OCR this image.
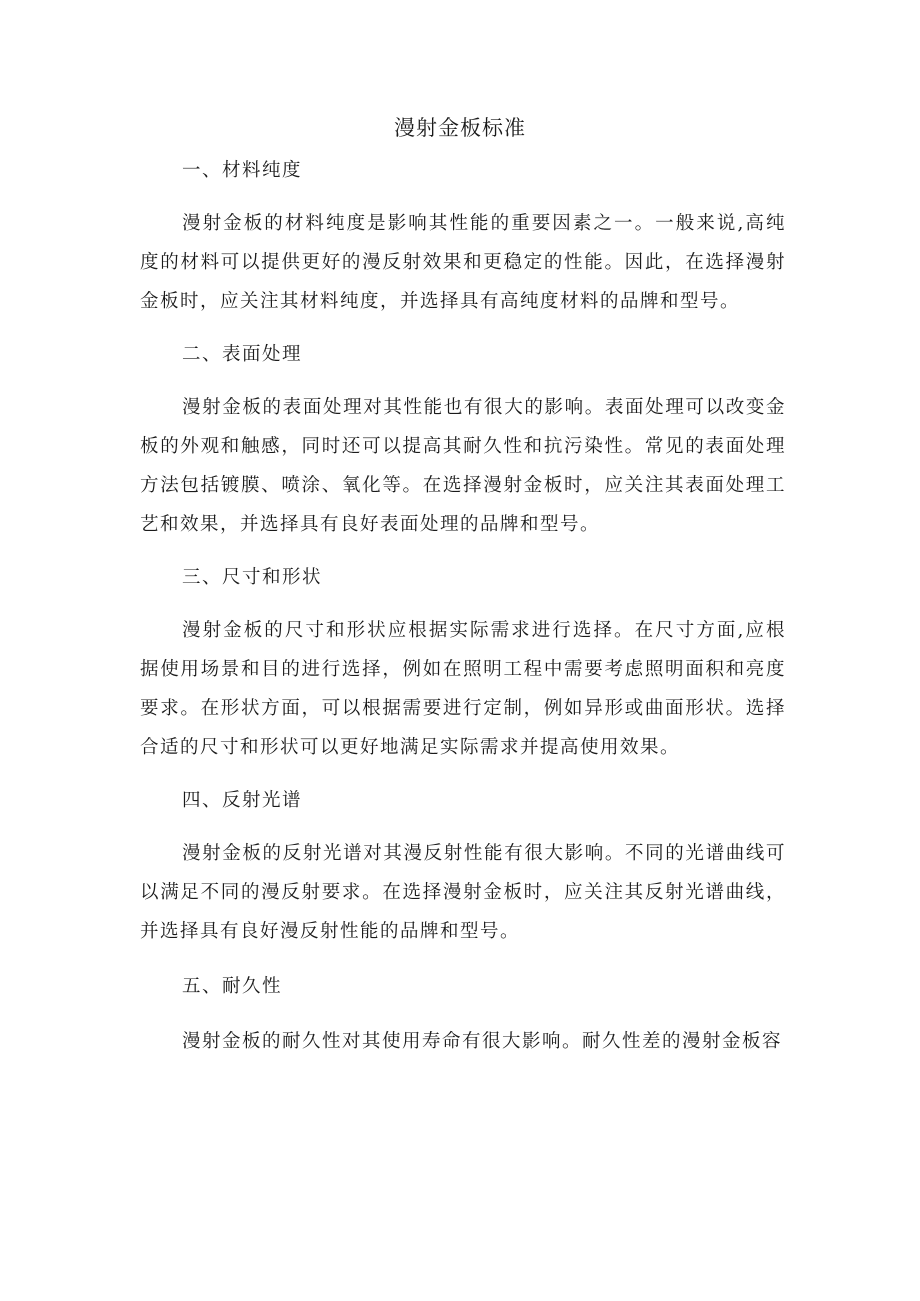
漫射金板标准
一、材料纯度

漫射金板的材料纯度是影响其性能的重要因素之一。一般来说,高纯度的材料可以提供更好的漫反射效果和更稳定的性能。因此，在选择漫射金板时，应关注其材料纯度，并选择具有高纯度材料的品牌和型号。

二、表面处理

漫射金板的表面处理对其性能也有很大的影响。表面处理可以改变金板的外观和触感，同时还可以提高其耐久性和抗污染性。常见的表面处理方法包括镀膜、喷涂、氧化等。在选择漫射金板时，应关注其表面处理工艺和效果，并选择具有良好表面处理的品牌和型号。

三、尺寸和形状

漫射金板的尺寸和形状应根据实际需求进行选择。在尺寸方面,应根据使用场景和目的进行选择，例如在照明工程中需要考虑照明面积和亮度要求。在形状方面，可以根据需要进行定制，例如异形或曲面形状。选择合适的尺寸和形状可以更好地满足实际需求并提高使用效果。

四、反射光谱

漫射金板的反射光谱对其漫反射性能有很大影响。不同的光谱曲线可以满足不同的漫反射要求。在选择漫射金板时，应关注其反射光谱曲线，并选择具有良好漫反射性能的品牌和型号。

五、耐久性

漫射金板的耐久性对其使用寿命有很大影响。耐久性差的漫射金板容
